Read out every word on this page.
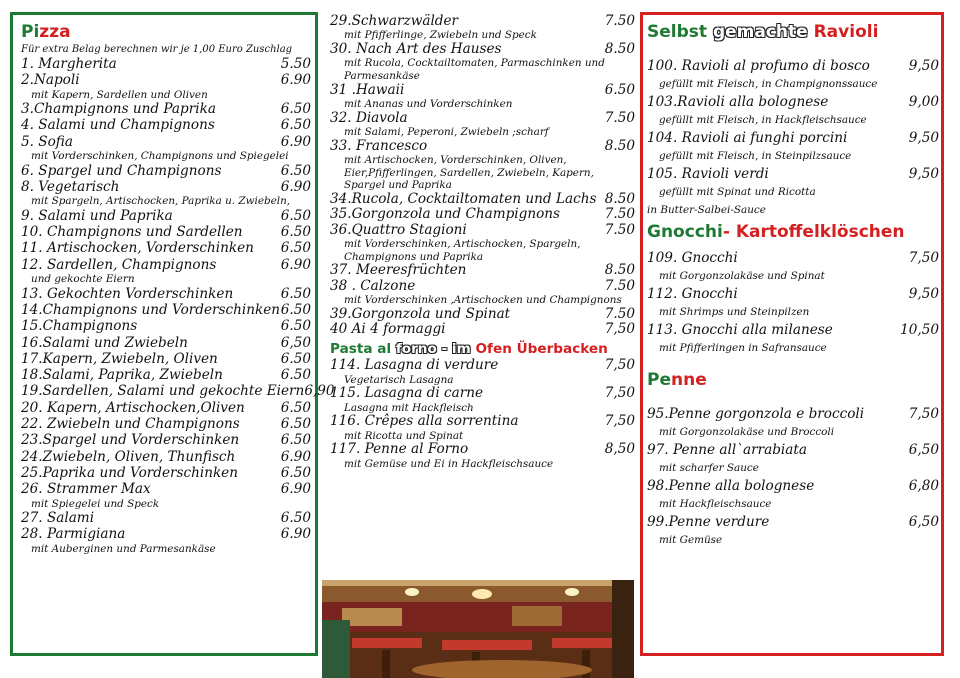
Pizza
Für extra Belag berechnen wir je 1,00 Euro Zuschlag
1. Margherita	5.50
2.Napoli	6.90
mit Kapern, Sardellen und Oliven
3.Champignons und Paprika	6.50
4. Salami und Champignons	6.50
5. Sofia	6.90
mit Vorderschinken, Champignons und Spiegelei
6. Spargel und Champignons	6.50
8. Vegetarisch	6.90
mit Spargeln, Artischocken, Paprika u. Zwiebeln,
9. Salami und Paprika	6.50
10. Champignons und Sardellen	6.50
11. Artischocken, Vorderschinken 6.50
12. Sardellen, Champignons	6.90
und gekochte Eiern
13. Gekochten Vorderschinken	6.50
14.Champignons und Vorderschinken 6.50
15.Champignons	6.50
16.Salami und Zwiebeln	6,50
17.Kapern, Zwiebeln, Oliven	6.50
18.Salami, Paprika, Zwiebeln	6.50
19.Sardellen, Salami und gekochte Eiern 6,90
20. Kapern, Artischocken,Oliven	6.50
22. Zwiebeln und Champignons	6.50
23.Spargel und Vorderschinken	6.50
24.Zwiebeln, Oliven, Thunfisch	6.90
25.Paprika und Vorderschinken	6.50
26. Strammer Max	6.90
mit Spiegelei und Speck
27. Salami	6.50
28. Parmigiana	6.90
mit Auberginen und Parmesankäse
29.Schwarzwälder	7.50
mit Pfifferlinge, Zwiebeln und Speck
30. Nach Art des Hauses	8.50
mit Rucola, Cocktailtomaten, Parmaschinken und Parmesankäse
31 .Hawaii	6.50
mit Ananas und Vorderschinken
32. Diavola	7.50
mit Salami, Peperoni, Zwiebeln ;scharf
33. Francesco	8.50
mit Artischocken, Vorderschinken, Oliven, Eier,Pfifferlingen, Sardellen, Zwiebeln, Kapern, Spargel und Paprika
34.Rucola, Cocktailtomaten und Lachs 8.50
35.Gorgonzola und Champignons	7.50
36.Quattro Stagioni	7.50
mit Vorderschinken, Artischocken, Spargeln, Champignons und Paprika
37. Meeresfrüchten	8.50
38 . Calzone	7.50
mit Vorderschinken ,Artischocken und Champignons
39.Gorgonzola und Spinat	7.50
40 Ai 4 formaggi	7,50
Pasta al forno - im Ofen Überbacken
114. Lasagna di verdure	7,50
Vegetarisch Lasagna
115. Lasagna di carne	7,50
Lasagna mit Hackfleisch
116. Crêpes alla sorrentina	7,50
mit Ricotta und Spinat
117. Penne al Forno	8,50
mit Gemüse und Ei in Hackfleischsauce
Selbst gemachte Ravioli
100. Ravioli al profumo di bosco	9,50
gefüllt mit Fleisch, in Champignonssauce
103.Ravioli alla bolognese	9,00
gefüllt mit Fleisch, in Hackfleischsauce
104. Ravioli ai funghi porcini	9,50
gefüllt mit Fleisch, in Steinpilzsauce
105. Ravioli verdi	9,50
gefüllt mit Spinat und Ricotta
in Butter-Salbei-Sauce
Gnocchi- Kartoffelklöschen
109. Gnocchi	7,50
mit Gorgonzolakäse und Spinat
112. Gnocchi	9,50
mit Shrimps und Steinpilzen
113. Gnocchi alla milanese	10,50
mit Pfifferlingen in Safransauce
Penne
95.Penne gorgonzola e broccoli	7,50
mit Gorgonzolakäse und Broccoli
97. Penne all`arrabiata	6,50
mit scharfer Sauce
98.Penne alla bolognese	6,80
mit Hackfleischsauce
99.Penne verdure	6,50
mit Gemüse
